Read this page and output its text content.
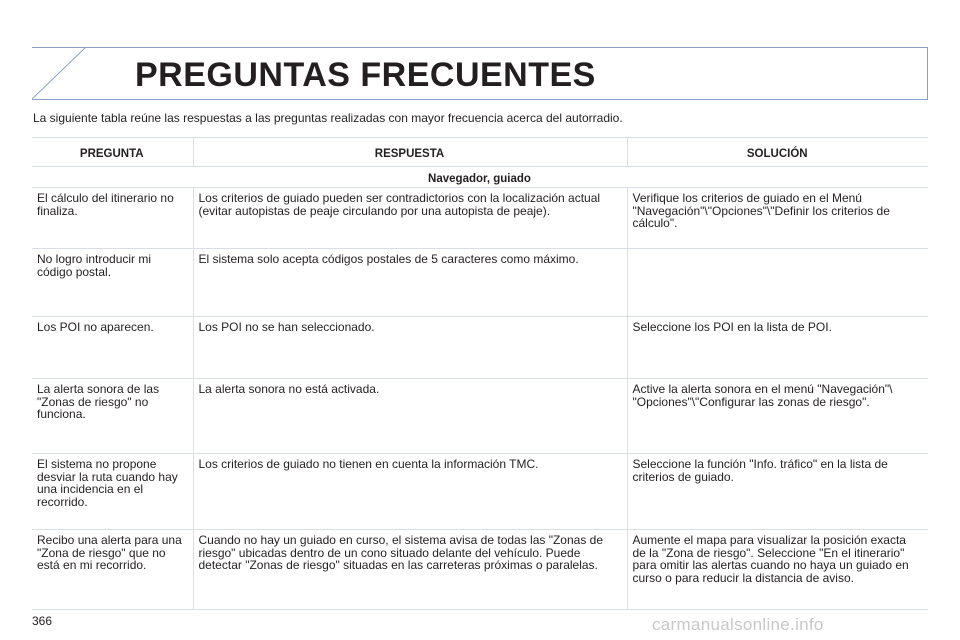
PREGUNTAS FRECUENTES
La siguiente tabla reúne las respuestas a las preguntas realizadas con mayor frecuencia acerca del autorradio.
PREGUNTA	RESPUESTA	SOLUCIÓN
Navegador, guiado		
El cálculo del itinerario no finaliza.	Los criterios de guiado pueden ser contradictorios con la localización actual (evitar autopistas de peaje circulando por una autopista de peaje).	Verifique los criterios de guiado en el Menú "Navegación"\"Opciones"\"Definir los criterios de cálculo".
No logro introducir mi código postal.	El sistema solo acepta códigos postales de 5 caracteres como máximo.	
Los POI no aparecen.	Los POI no se han seleccionado.	Seleccione los POI en la lista de POI.
La alerta sonora de las "Zonas de riesgo" no funciona.	La alerta sonora no está activada.	Active la alerta sonora en el menú "Navegación"\ "Opciones"\"Configurar las zonas de riesgo".
El sistema no propone desviar la ruta cuando hay una incidencia en el recorrido.	Los criterios de guiado no tienen en cuenta la información TMC.	Seleccione la función "Info. tráfico" en la lista de criterios de guiado.
Recibo una alerta para una "Zona de riesgo" que no está en mi recorrido.	Cuando no hay un guiado en curso, el sistema avisa de todas las "Zonas de riesgo" ubicadas dentro de un cono situado delante del vehículo. Puede detectar "Zonas de riesgo" situadas en las carreteras próximas o paralelas.	Aumente el mapa para visualizar la posición exacta de la "Zona de riesgo". Seleccione "En el itinerario" para omitir las alertas cuando no haya un guiado en curso o para reducir la distancia de aviso.
366	carmanualsonline.info
